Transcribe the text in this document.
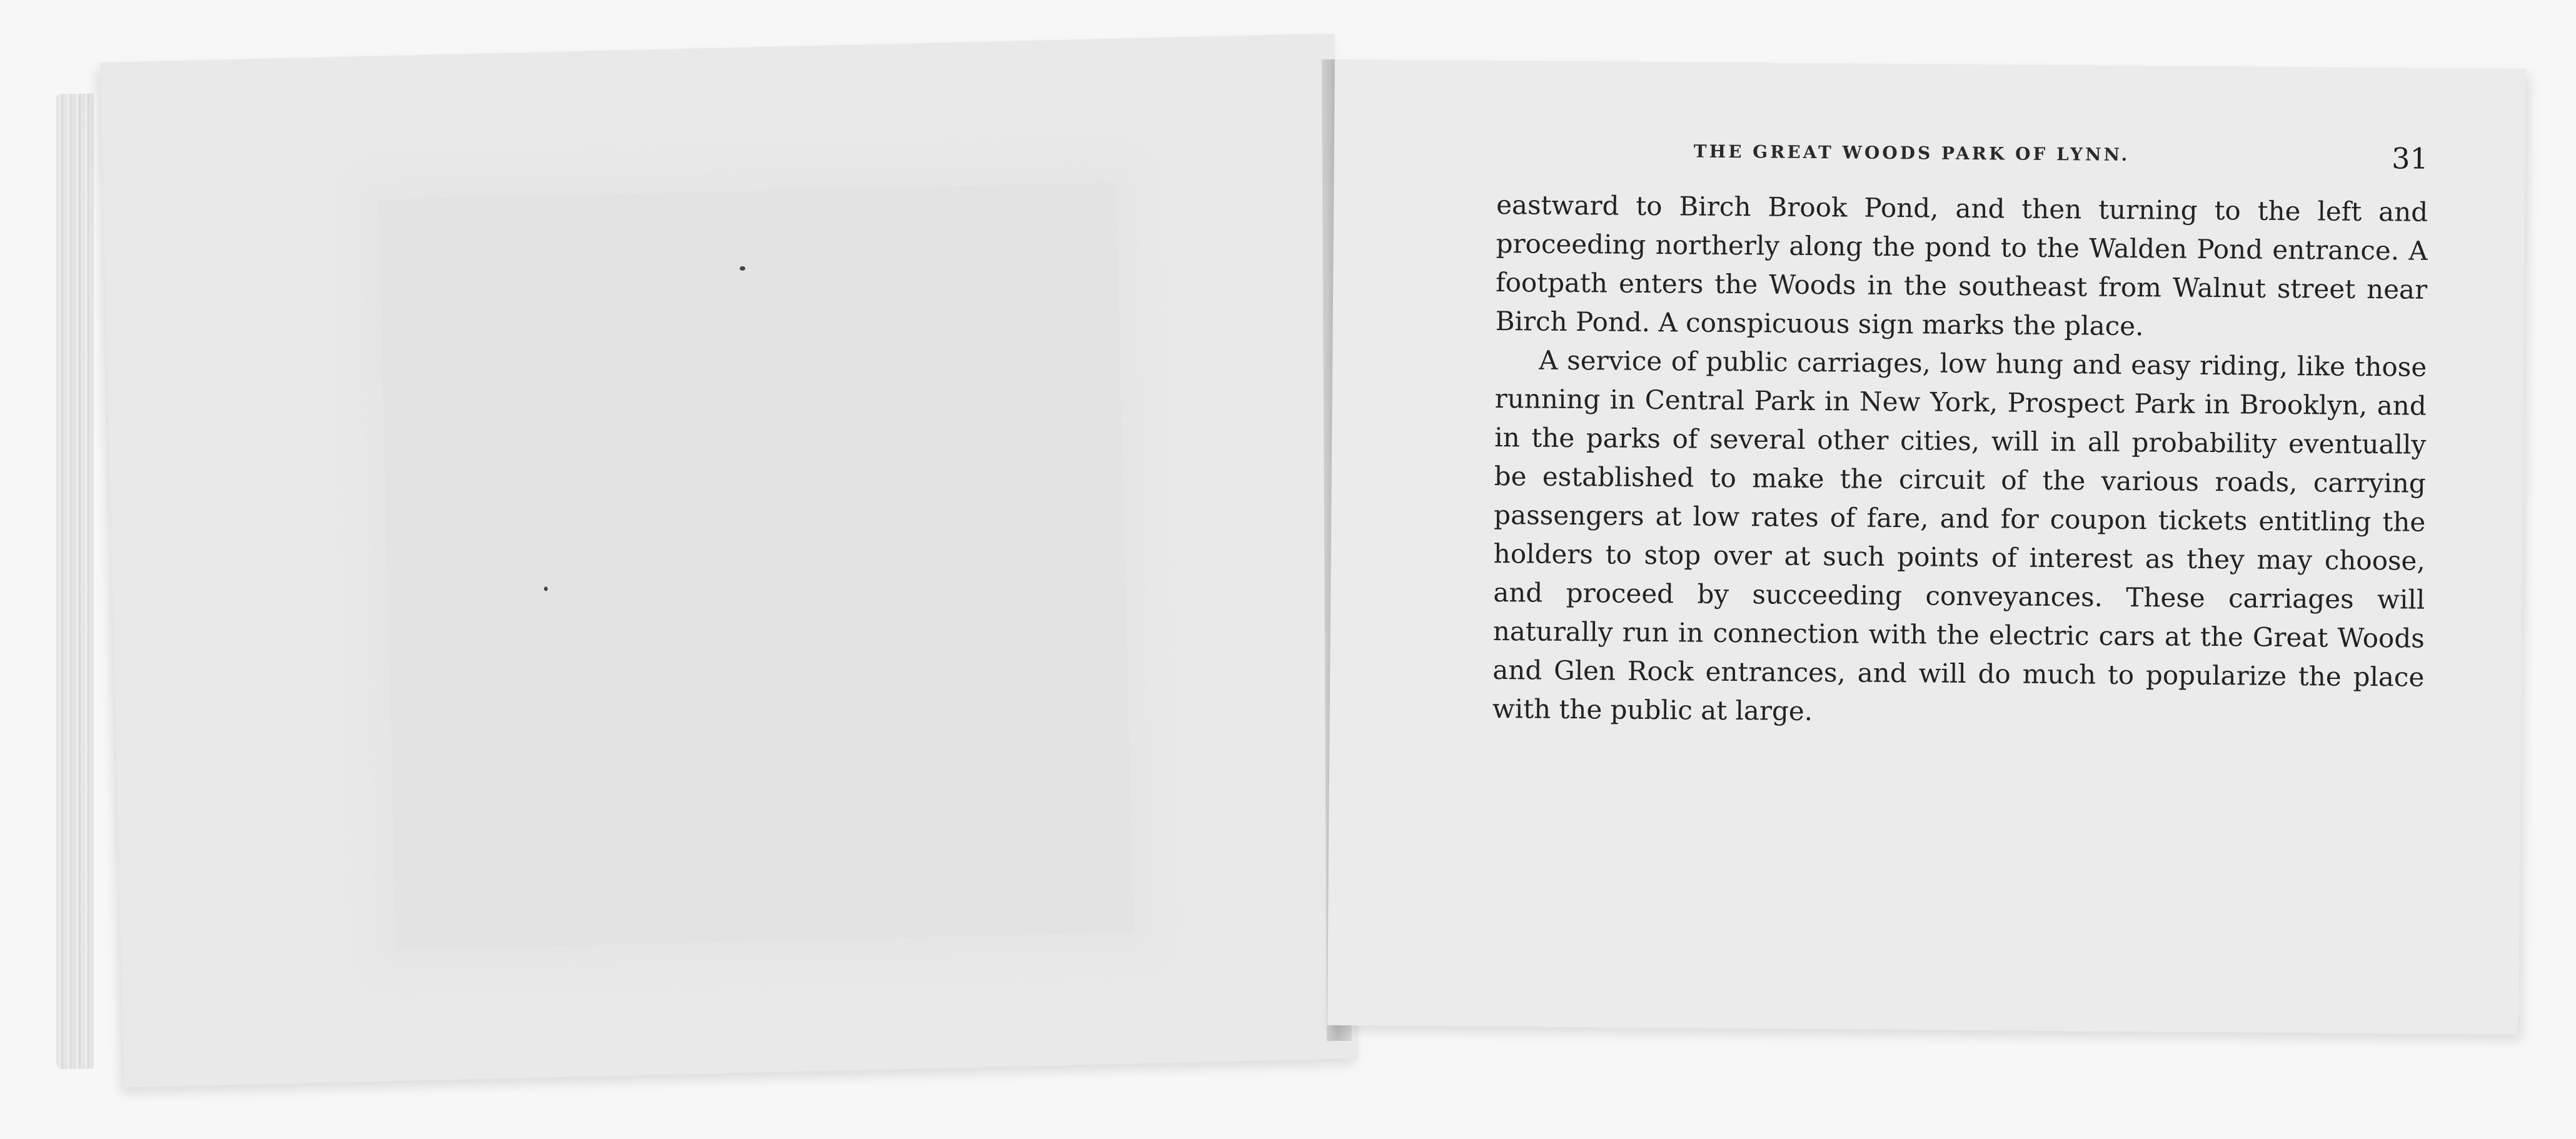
THE GREAT WOODS PARK OF LYNN.	31

eastward to Birch Brook Pond, and then turning to the left and proceeding northerly along the pond to the Walden Pond entrance. A footpath enters the Woods in the southeast from Walnut street near Birch Pond. A conspicuous sign marks the place.

A service of public carriages, low hung and easy riding, like those running in Central Park in New York, Prospect Park in Brooklyn, and in the parks of several other cities, will in all probability eventually be established to make the circuit of the various roads, carrying passengers at low rates of fare, and for coupon tickets entitling the holders to stop over at such points of interest as they may choose, and proceed by succeeding conveyances. These carriages will naturally run in connection with the electric cars at the Great Woods and Glen Rock entrances, and will do much to popularize the place with the public at large.
